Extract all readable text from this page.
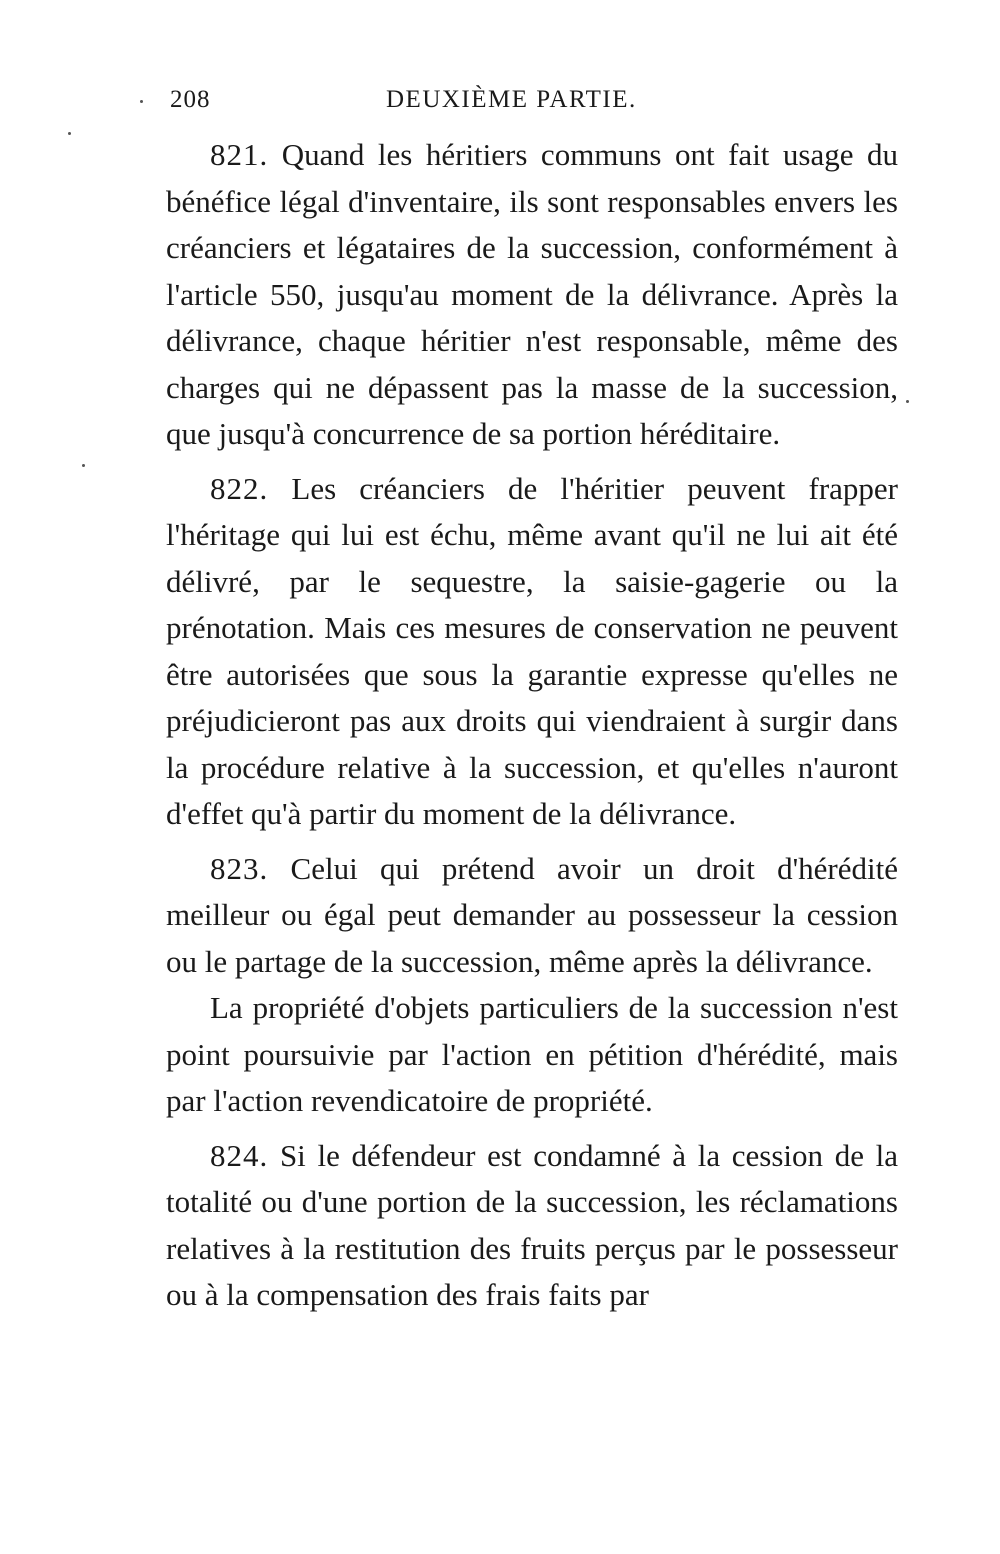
208	DEUXIÈME PARTIE.

821. Quand les héritiers communs ont fait usage du bénéfice légal d'inventaire, ils sont responsables envers les créanciers et légataires de la succession, conformément à l'article 550, jusqu'au moment de la délivrance. Après la délivrance, chaque héritier n'est responsable, même des charges qui ne dépassent pas la masse de la succession, que jusqu'à concurrence de sa portion héréditaire.

822. Les créanciers de l'héritier peuvent frapper l'héritage qui lui est échu, même avant qu'il ne lui ait été délivré, par le sequestre, la saisie-gagerie ou la prénotation. Mais ces mesures de conservation ne peuvent être autorisées que sous la garantie expresse qu'elles ne préjudicieront pas aux droits qui viendraient à surgir dans la procédure relative à la succession, et qu'elles n'auront d'effet qu'à partir du moment de la délivrance.

823. Celui qui prétend avoir un droit d'hérédité meilleur ou égal peut demander au possesseur la cession ou le partage de la succession, même après la délivrance.

La propriété d'objets particuliers de la succession n'est point poursuivie par l'action en pétition d'hérédité, mais par l'action revendicatoire de propriété.

824. Si le défendeur est condamné à la cession de la totalité ou d'une portion de la succession, les réclamations relatives à la restitution des fruits perçus par le possesseur ou à la compensation des frais faits par
